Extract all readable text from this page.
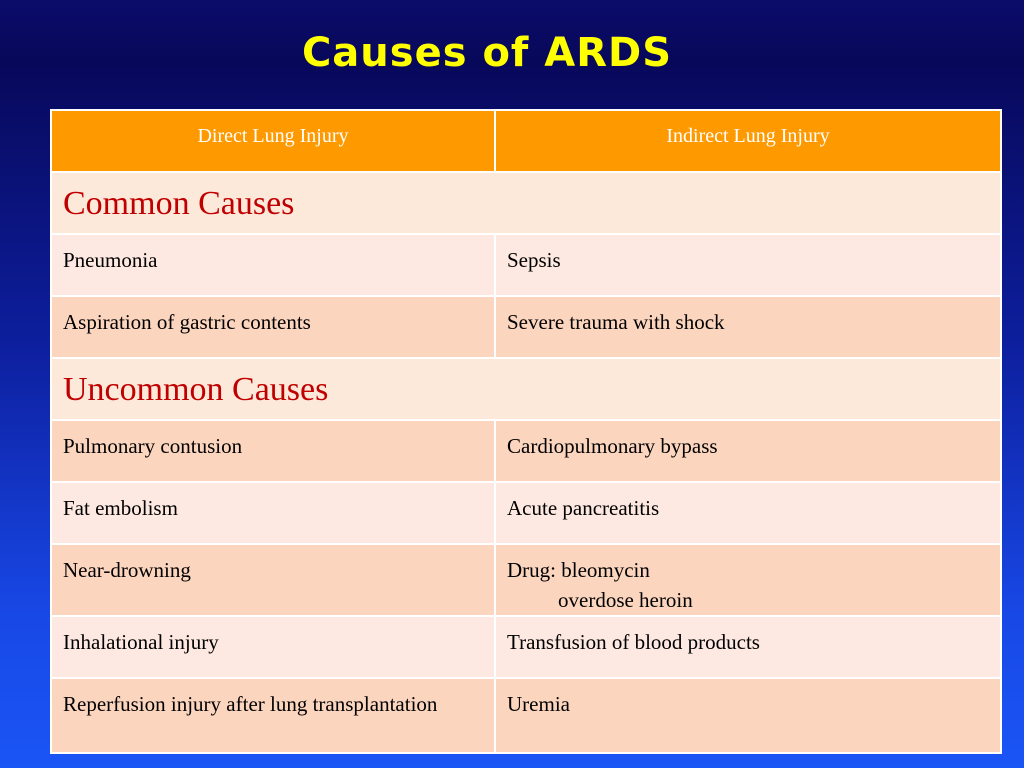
Causes of ARDS
Direct Lung Injury	Indirect Lung Injury
Common Causes	
Pneumonia	Sepsis
Aspiration of gastric contents	Severe trauma with shock
Uncommon Causes	
Pulmonary contusion	Cardiopulmonary bypass
Fat embolism	Acute pancreatitis
Near-drowning	Drug: bleomycin
overdose heroin

Inhalational injury	Transfusion of blood products
Reperfusion injury after lung transplantation	Uremia
